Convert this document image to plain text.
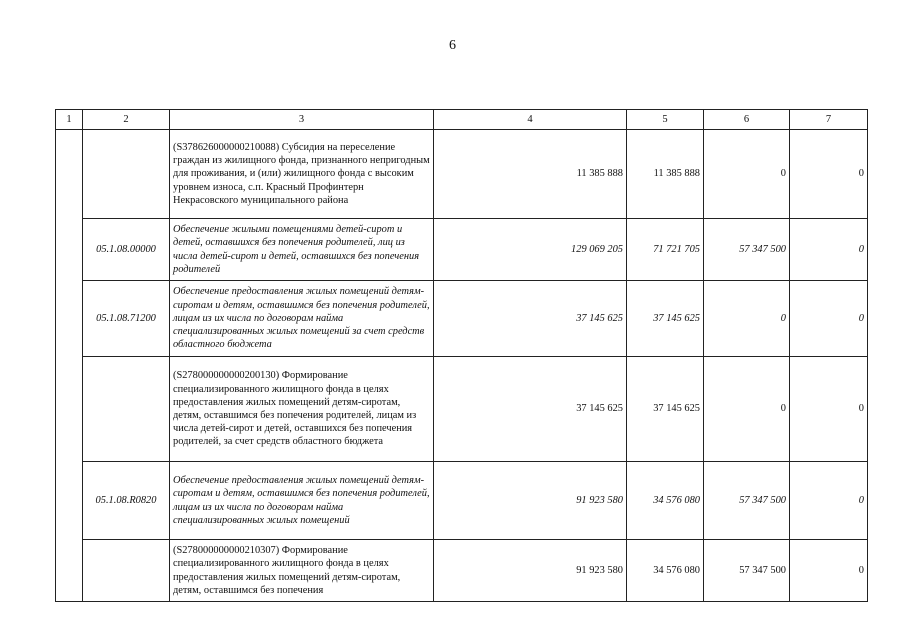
6
1	2	3	4	5	6	7
		(S378626000000210088) Субсидия на переселение граждан из жилищного фонда, признанного непригодным для проживания, и (или) жилищного фонда с высоким уровнем износа, с.п. Красный Профинтерн Некрасовского муниципального района	11 385 888	11 385 888	0	0
	05.1.08.00000	Обеспечение жилыми помещениями детей-сирот и детей, оставшихся без попечения родителей, лиц из числа детей-сирот и детей, оставшихся без попечения родителей	129 069 205	71 721 705	57 347 500	0
	05.1.08.71200	Обеспечение предоставления жилых помещений детям-сиротам и детям, оставшимся без попечения родителей, лицам из их числа по договорам найма специализированных жилых помещений за счет средств областного бюджета	37 145 625	37 145 625	0	0
		(S278000000000200130) Формирование специализированного жилищного фонда в целях предоставления жилых помещений детям-сиротам, детям, оставшимся без попечения родителей, лицам из числа детей-сирот и детей, оставшихся без попечения родителей, за счет средств областного бюджета	37 145 625	37 145 625	0	0
	05.1.08.R0820	Обеспечение предоставления жилых помещений детям-сиротам и детям, оставшимся без попечения родителей, лицам из их числа по договорам найма специализированных жилых помещений	91 923 580	34 576 080	57 347 500	0
		(S278000000000210307) Формирование специализированного жилищного фонда в целях предоставления жилых помещений детям-сиротам, детям, оставшимся без попечения	91 923 580	34 576 080	57 347 500	0
